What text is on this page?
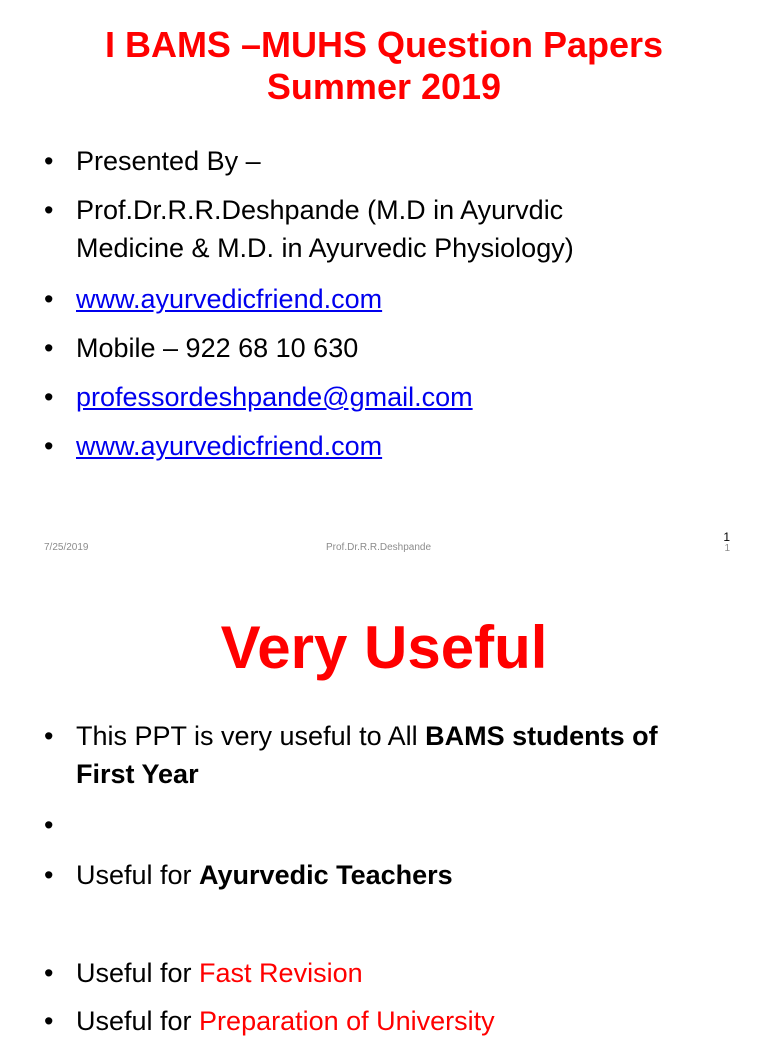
I BAMS –MUHS Question Papers
Summer 2019
•
Presented By –
•
Prof.Dr.R.R.Deshpande (M.D in Ayurvdic
Medicine & M.D. in Ayurvedic Physiology)
•
www.ayurvedicfriend.com
•
Mobile – 922 68 10 630
•
professordeshpande@gmail.com
•
www.ayurvedicfriend.com
7/25/2019	Prof.Dr.R.R.Deshpande
1
1
Very Useful
•
This PPT is very useful to All BAMS students of
First Year
•
•
Useful for Ayurvedic Teachers
•
Useful for Fast Revision
•
Useful for Preparation of University
